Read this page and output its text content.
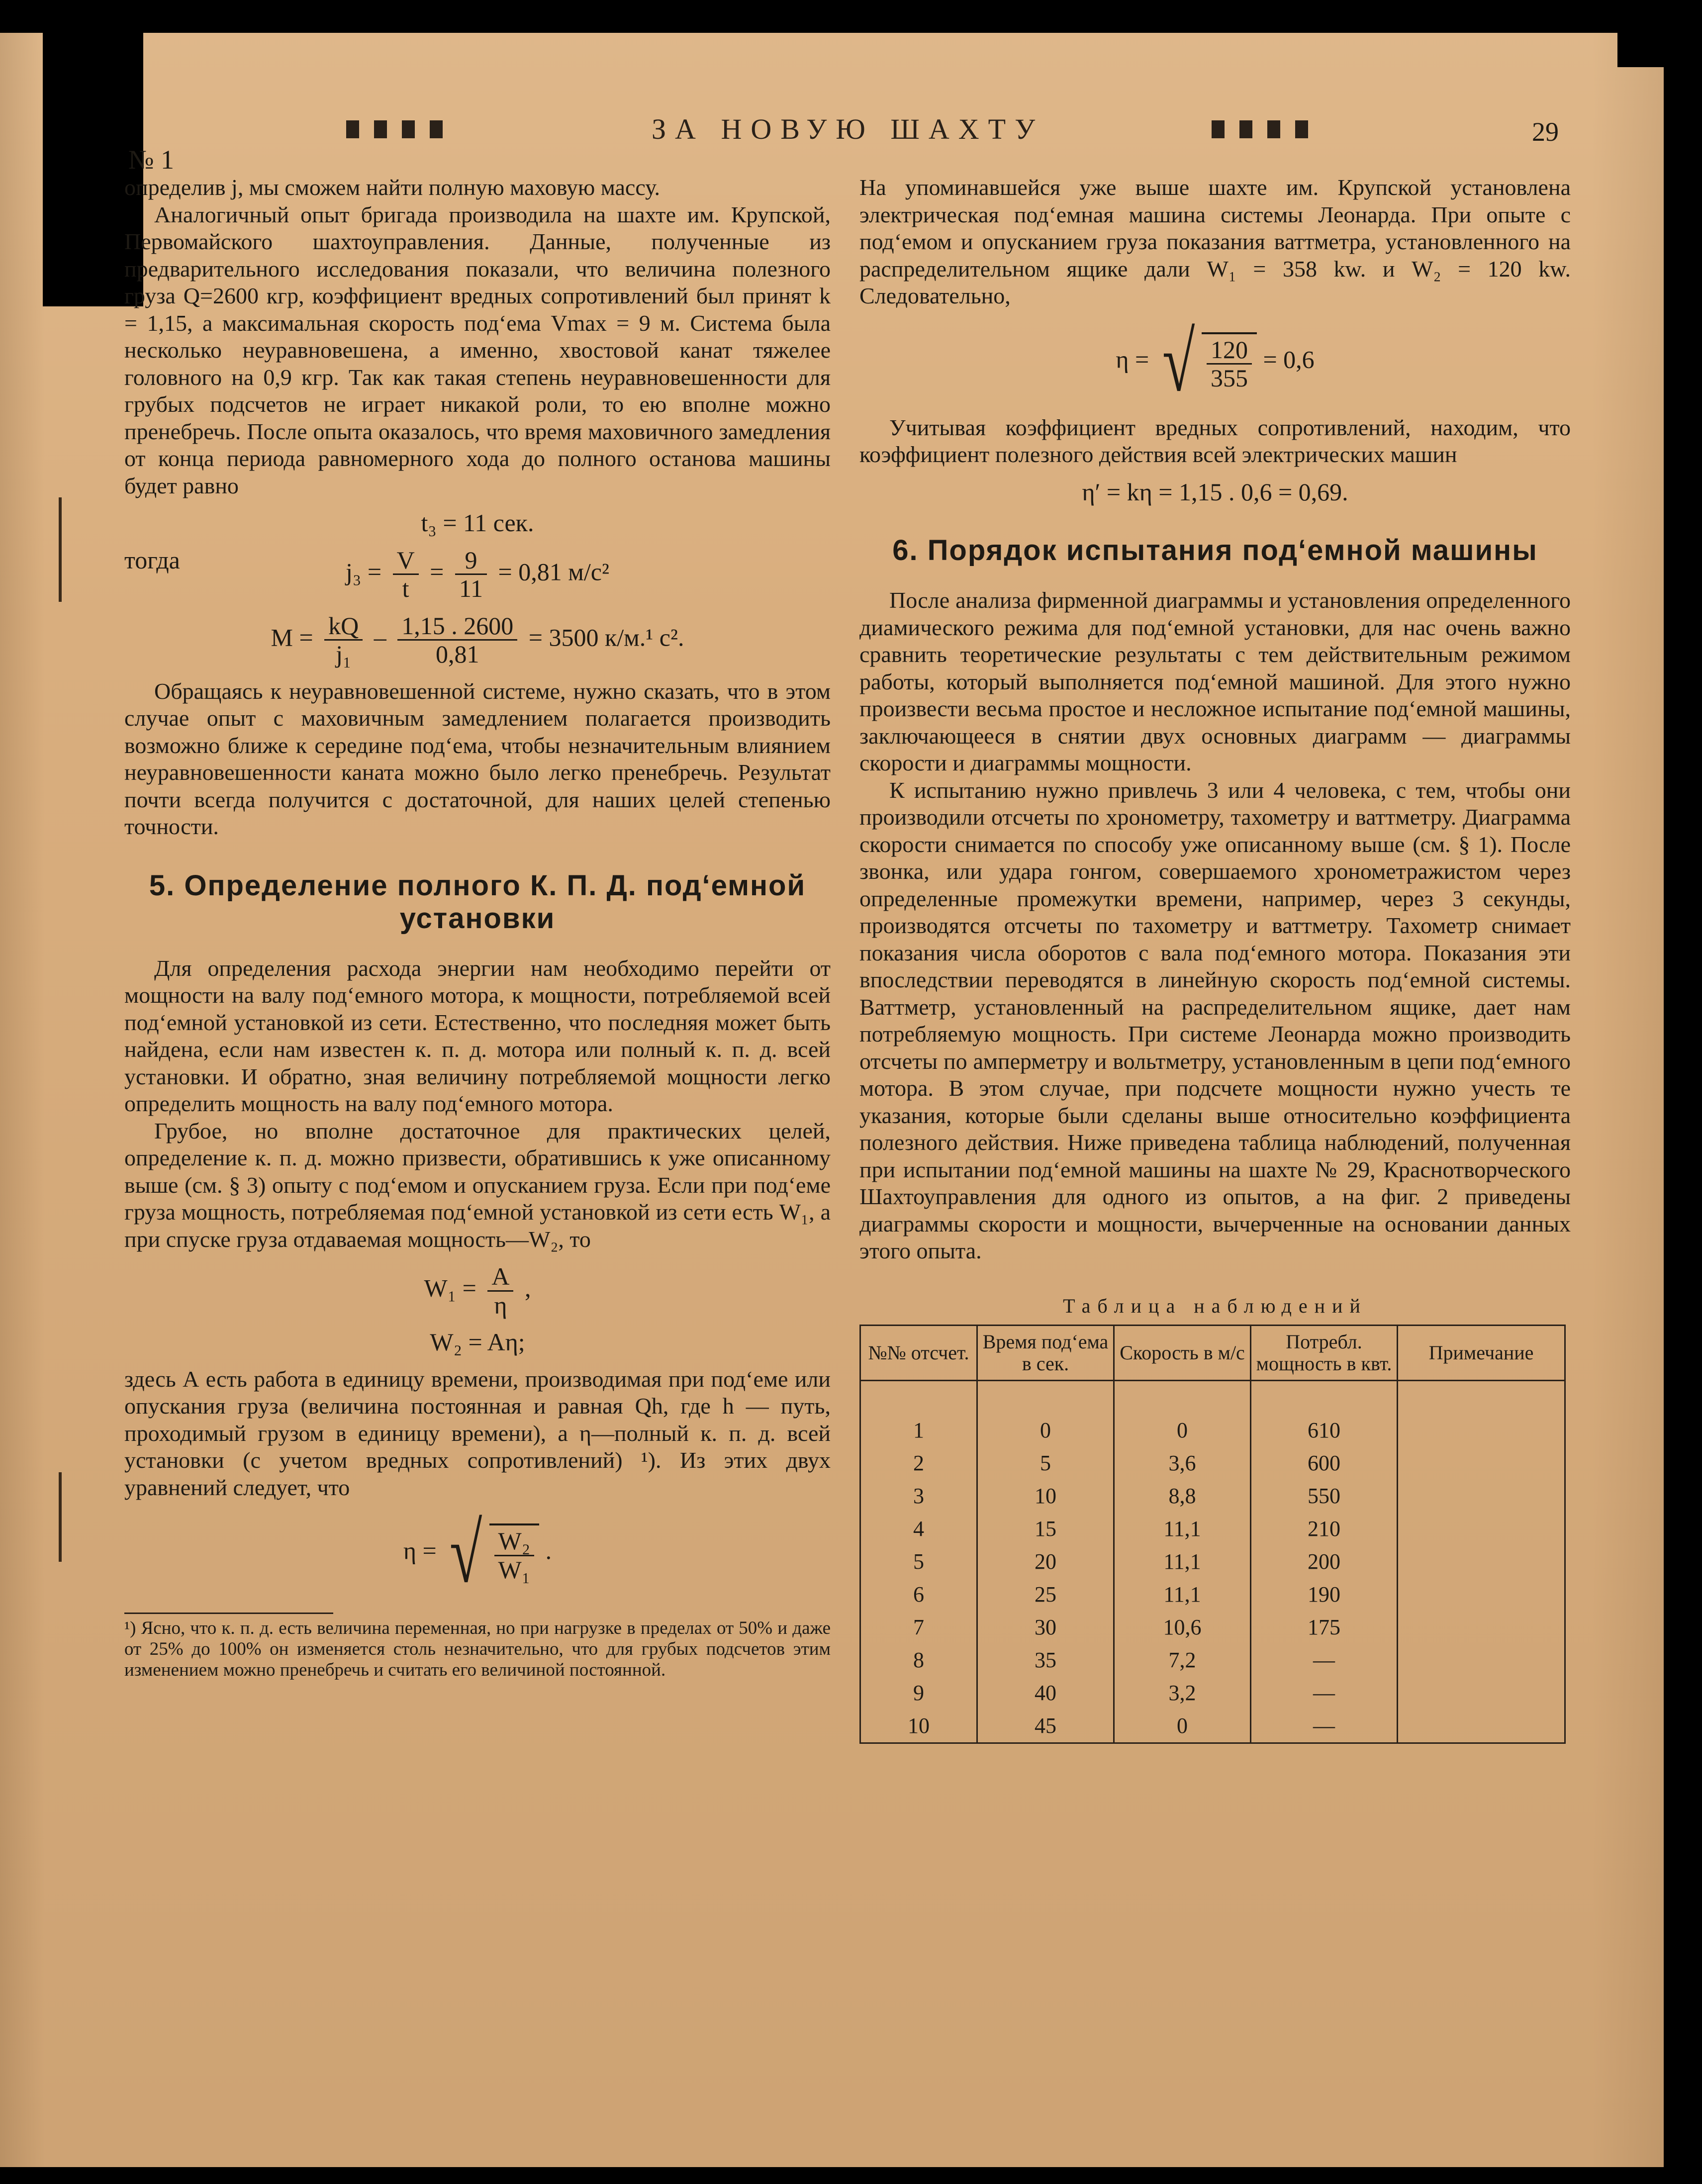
ЗА НОВУЮ ШАХТУ	29
№ 1

определив j, мы сможем найти полную маховую массу.

Аналогичный опыт бригада производила на шахте им. Крупской, Первомайского шахтоуправления. Данные, полученные из предварительного исследования показали, что величина полезного груза Q=2600 кгр, коэффициент вредных сопротивлений был принят k = 1,15, а максимальная скорость под‘ема Vmax = 9 м. Система была несколько неуравновешена, а именно, хвостовой канат тяжелее головного на 0,9 кгр. Так как такая степень неуравновешенности для грубых подсчетов не играет никакой роли, то ею вполне можно пренебречь. После опыта оказалось, что время маховичного замедления от конца периода равномерного хода до полного останова машины будет равно

t₃ = 11 сек.
тогда	$j_3 = \frac{V}{t} = \frac{9}{11} = 0,81$ м/с²
$M = \frac{kQ}{\text{j₁}} - \frac{1,15 . 2600}{0,81} = 3500$ к/м.¹ с².

Обращаясь к неуравновешенной системе, нужно сказать, что в этом случае опыт с маховичным замедлением полагается производить возможно ближе к середине под‘ема, чтобы незначительным влиянием неуравновешенности каната можно было легко пренебречь. Результат почти всегда получится с достаточной, для наших целей степенью точности.

5. Определение полного К. П. Д. под‘емной установки

Для определения расхода энергии нам необходимо перейти от мощности на валу под‘емного мотора, к мощности, потребляемой всей под‘емной установкой из сети. Естественно, что последняя может быть найдена, если нам известен к. п. д. мотора или полный к. п. д. всей установки. И обратно, зная величину потребляемой мощности легко определить мощность на валу под‘емного мотора.

Грубое, но вполне достаточное для практических целей, определение к. п. д. можно призвести, обратившись к уже описанному выше (см. § 3) опыту с под‘емом и опусканием груза. Если при под‘еме груза мощность, потребляемая под‘емной установкой из сети есть W₁, а при спуске груза отдаваемая мощность—W₂, то

$W_1 = \frac{A}{\eta}$ ,
W₂ = Aη;

здесь А есть работа в единицу времени, производимая при под‘еме или опускания груза (величина постоянная и равная Qh, где h — путь, проходимый грузом в единицу времени), а η—полный к. п. д. всей установки (с учетом вредных сопротивлений) ¹). Из этих двух уравнений следует, что

η = √ $\frac{\text{W₂}}{\text{W₁}}$ .
¹) Ясно, что к. п. д. есть величина переменная, но при нагрузке в пределах от 50% и даже от 25% до 100% он изменяется столь незначительно, что для грубых подсчетов этим изменением можно пренебречь и считать его величиной постоянной.

На упоминавшейся уже выше шахте им. Крупской установлена электрическая под‘емная машина системы Леонарда. При опыте с под‘емом и опусканием груза показания ваттметра, установленного на распределительном ящике дали W₁ = 358 kw. и W₂ = 120 kw. Следовательно,

η = √ $\frac{120}{355} = 0,6$

Учитывая коэффициент вредных сопротивлений, находим, что коэффициент полезного действия всей электрических машин

η′ = kη = 1,15 . 0,6 = 0,69.
6. Порядок испытания под‘емной машины

После анализа фирменной диаграммы и установления определенного диамического режима для под‘емной установки, для нас очень важно сравнить теоретические результаты с тем действительным режимом работы, который выполняется под‘емной машиной. Для этого нужно произвести весьма простое и несложное испытание под‘емной машины, заключающееся в снятии двух основных диаграмм — диаграммы скорости и диаграммы мощности.

К испытанию нужно привлечь 3 или 4 человека, с тем, чтобы они производили отсчеты по хронометру, тахометру и ваттметру. Диаграмма скорости снимается по способу уже описанному выше (см. § 1). После звонка, или удара гонгом, совершаемого хронометражистом через определенные промежутки времени, например, через 3 секунды, производятся отсчеты по тахометру и ваттметру. Тахометр снимает показания числа оборотов с вала под‘емного мотора. Показания эти впоследствии переводятся в линейную скорость под‘емной системы. Ваттметр, установленный на распределительном ящике, дает нам потребляемую мощность. При системе Леонарда можно производить отсчеты по амперметру и вольтметру, установленным в цепи под‘емного мотора. В этом случае, при подсчете мощности нужно учесть те указания, которые были сделаны выше относительно коэффициента полезного действия. Ниже приведена таблица наблюдений, полученная при испытании под‘емной машины на шахте № 29, Краснотворческого Шахтоуправления для одного из опытов, а на фиг. 2 приведены диаграммы скорости и мощности, вычерченные на основании данных этого опыта.

Таблица наблюдений
№№ отсчет.	Время под‘ема в сек.	Скорость в м/с	Потребл. мощность в квт.	Примечание

1	0	0	610	
2	5	3,6	600	
3	10	8,8	550	
4	15	11,1	210	
5	20	11,1	200	
6	25	11,1	190	
7	30	10,6	175	
8	35	7,2	—	
9	40	3,2	—	
10	45	0	—	
